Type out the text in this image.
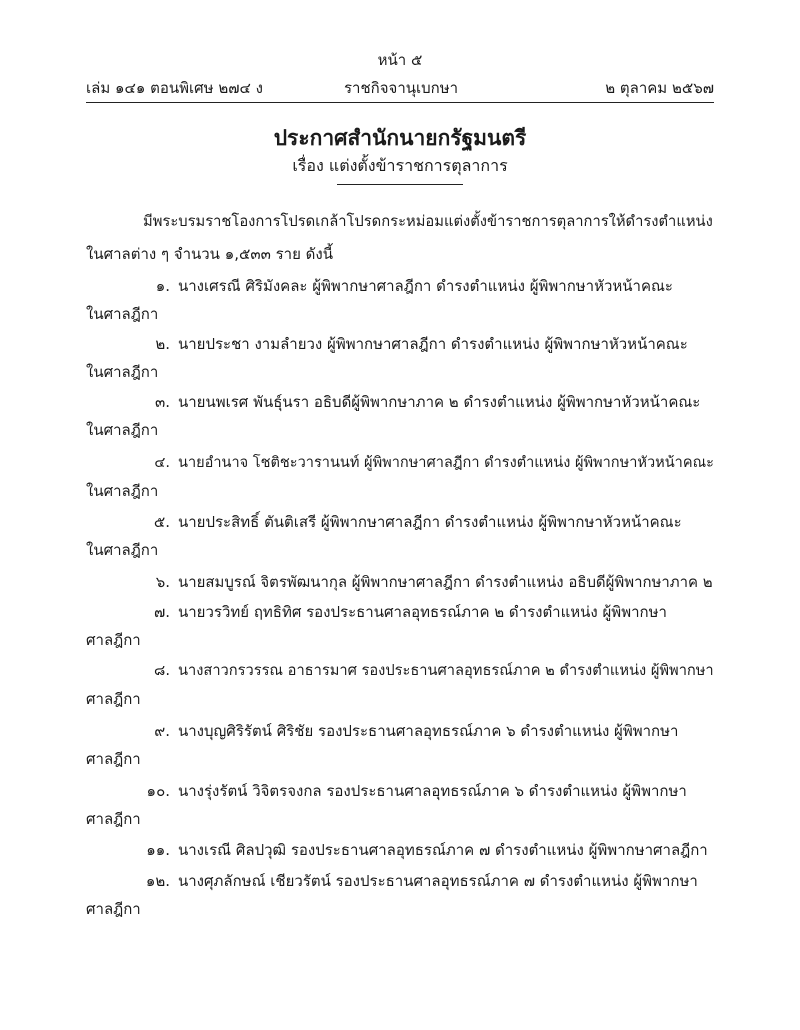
หน้า ๕
เล่ม ๑๔๑ ตอนพิเศษ ๒๗๔ ง	ราชกิจจานุเบกษา	๒ ตุลาคม ๒๕๖๗
ประกาศสำนักนายกรัฐมนตรี
เรื่อง แต่งตั้งข้าราชการตุลาการ
มีพระบรมราชโองการโปรดเกล้าโปรดกระหม่อมแต่งตั้งข้าราชการตุลาการให้ดำรงตำแหน่ง
ในศาลต่าง ๆ จำนวน ๑,๕๓๓ ราย ดังนี้
๑. นางเศรณี ศิริมังคละ ผู้พิพากษาศาลฎีกา ดำรงตำแหน่ง ผู้พิพากษาหัวหน้าคณะ
ในศาลฎีกา
๒. นายประชา งามลำยวง ผู้พิพากษาศาลฎีกา ดำรงตำแหน่ง ผู้พิพากษาหัวหน้าคณะ
ในศาลฎีกา
๓. นายนพเรศ พันธุ์นรา อธิบดีผู้พิพากษาภาค ๒ ดำรงตำแหน่ง ผู้พิพากษาหัวหน้าคณะ
ในศาลฎีกา
๔. นายอำนาจ โชติชะวารานนท์ ผู้พิพากษาศาลฎีกา ดำรงตำแหน่ง ผู้พิพากษาหัวหน้าคณะ
ในศาลฎีกา
๕. นายประสิทธิ์ ตันติเสรี ผู้พิพากษาศาลฎีกา ดำรงตำแหน่ง ผู้พิพากษาหัวหน้าคณะ
ในศาลฎีกา
๖. นายสมบูรณ์ จิตรพัฒนากุล ผู้พิพากษาศาลฎีกา ดำรงตำแหน่ง อธิบดีผู้พิพากษาภาค ๒
๗. นายวรวิทย์ ฤทธิทิศ รองประธานศาลอุทธรณ์ภาค ๒ ดำรงตำแหน่ง ผู้พิพากษา
ศาลฎีกา
๘. นางสาวกรวรรณ อาธารมาศ รองประธานศาลอุทธรณ์ภาค ๒ ดำรงตำแหน่ง ผู้พิพากษา
ศาลฎีกา
๙. นางบุญศิริรัตน์ ศิริชัย รองประธานศาลอุทธรณ์ภาค ๖ ดำรงตำแหน่ง ผู้พิพากษา
ศาลฎีกา
๑๐. นางรุ่งรัตน์ วิจิตรจงกล รองประธานศาลอุทธรณ์ภาค ๖ ดำรงตำแหน่ง ผู้พิพากษา
ศาลฎีกา
๑๑. นางเรณี ศิลปวุฒิ รองประธานศาลอุทธรณ์ภาค ๗ ดำรงตำแหน่ง ผู้พิพากษาศาลฎีกา
๑๒. นางศุภลักษณ์ เชียวรัตน์ รองประธานศาลอุทธรณ์ภาค ๗ ดำรงตำแหน่ง ผู้พิพากษา
ศาลฎีกา
